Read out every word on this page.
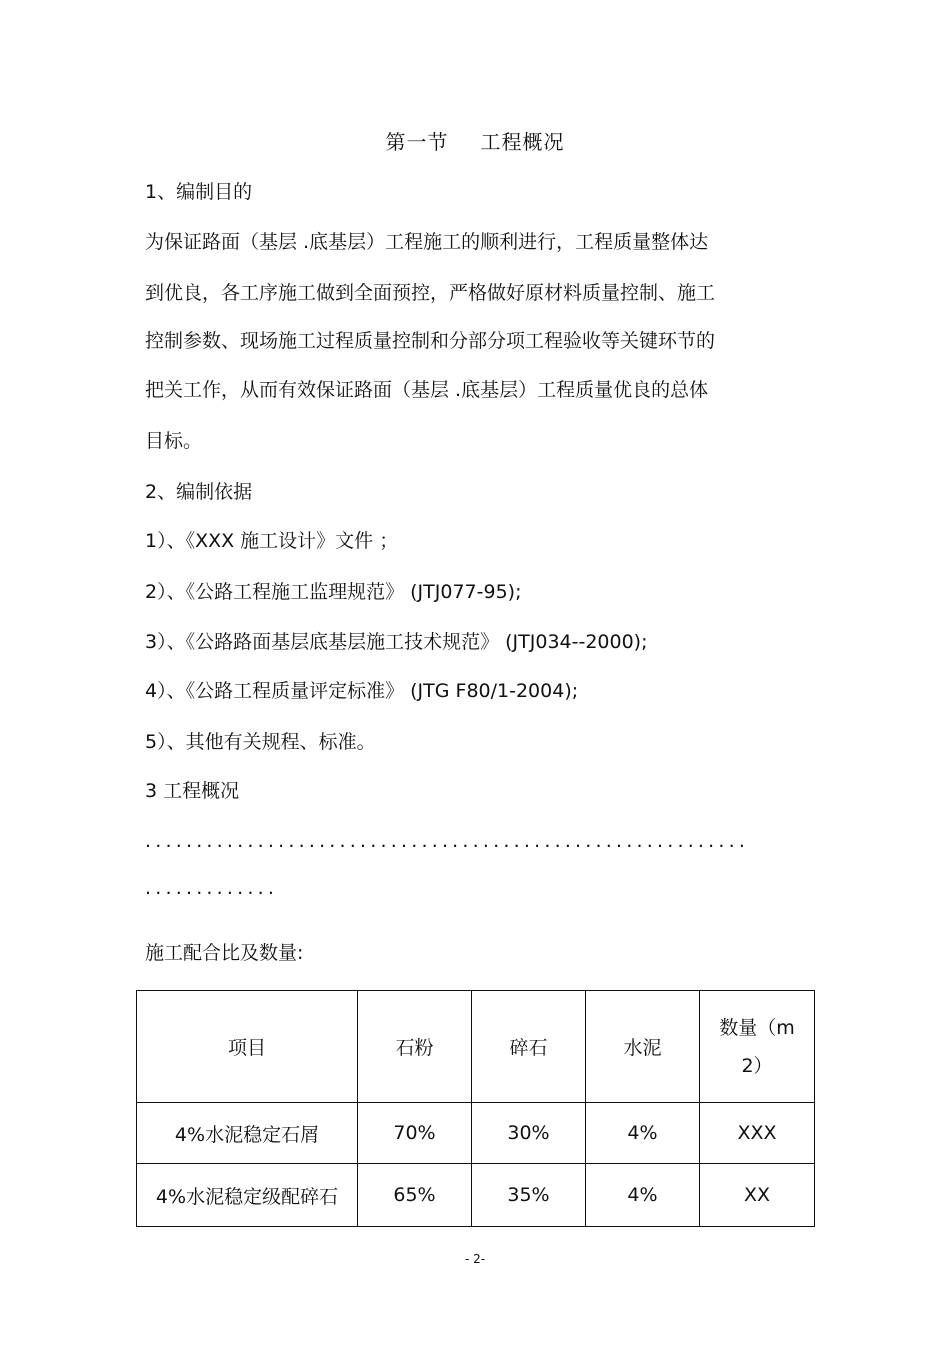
第一节 工程概况
1、编制目的
为保证路面（基层 .底基层）工程施工的顺利进行，工程质量整体达
到优良，各工序施工做到全面预控，严格做好原材料质量控制、施工
控制参数、现场施工过程质量控制和分部分项工程验收等关键环节的
把关工作，从而有效保证路面（基层 .底基层）工程质量优良的总体
目标。
2、编制依据
1）、《XXX 施工设计》文件 ；
2）、《公路工程施工监理规范》 (JTJ077-95);
3）、《公路路面基层底基层施工技术规范》 (JTJ034--2000);
4）、《公路工程质量评定标准》 (JTG F80/1-2004);
5）、其他有关规程、标准。
3 工程概况
...........................................................
.............
施工配合比及数量:
项目	石粉	碎石	水泥	数量（m
2）

4%水泥稳定石屑	70%	30%	4%	XXX
4%水泥稳定级配碎石	65%	35%	4%	XX
- 2-
